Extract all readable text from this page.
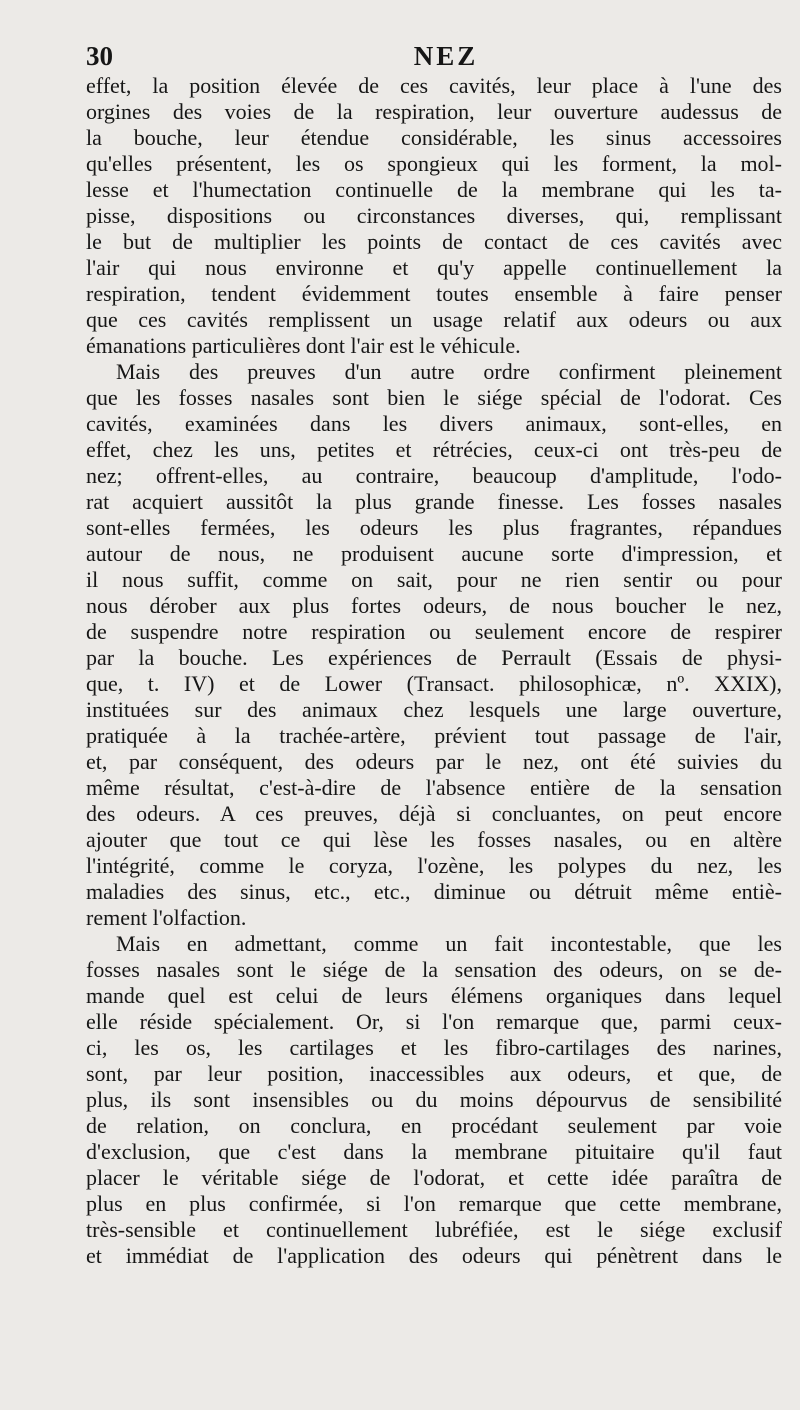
30	NEZ
effet, la position élevée de ces cavités, leur place à l'une des
orgines des voies de la respiration, leur ouverture audessus de
la bouche, leur étendue considérable, les sinus accessoires
qu'elles présentent, les os spongieux qui les forment, la mol-
lesse et l'humectation continuelle de la membrane qui les ta-
pisse, dispositions ou circonstances diverses, qui, remplissant
le but de multiplier les points de contact de ces cavités avec
l'air qui nous environne et qu'y appelle continuellement la
respiration, tendent évidemment toutes ensemble à faire penser
que ces cavités remplissent un usage relatif aux odeurs ou aux
émanations particulières dont l'air est le véhicule.
Mais des preuves d'un autre ordre confirment pleinement
que les fosses nasales sont bien le siége spécial de l'odorat. Ces
cavités, examinées dans les divers animaux, sont-elles, en
effet, chez les uns, petites et rétrécies, ceux-ci ont très-peu de
nez; offrent-elles, au contraire, beaucoup d'amplitude, l'odo-
rat acquiert aussitôt la plus grande finesse. Les fosses nasales
sont-elles fermées, les odeurs les plus fragrantes, répandues
autour de nous, ne produisent aucune sorte d'impression, et
il nous suffit, comme on sait, pour ne rien sentir ou pour
nous dérober aux plus fortes odeurs, de nous boucher le nez,
de suspendre notre respiration ou seulement encore de respirer
par la bouche. Les expériences de Perrault (Essais de physi-
que, t. IV) et de Lower (Transact. philosophicæ, nº. XXIX),
instituées sur des animaux chez lesquels une large ouverture,
pratiquée à la trachée-artère, prévient tout passage de l'air,
et, par conséquent, des odeurs par le nez, ont été suivies du
même résultat, c'est-à-dire de l'absence entière de la sensation
des odeurs. A ces preuves, déjà si concluantes, on peut encore
ajouter que tout ce qui lèse les fosses nasales, ou en altère
l'intégrité, comme le coryza, l'ozène, les polypes du nez, les
maladies des sinus, etc., etc., diminue ou détruit même entiè-
rement l'olfaction.
Mais en admettant, comme un fait incontestable, que les
fosses nasales sont le siége de la sensation des odeurs, on se de-
mande quel est celui de leurs élémens organiques dans lequel
elle réside spécialement. Or, si l'on remarque que, parmi ceux-
ci, les os, les cartilages et les fibro-cartilages des narines,
sont, par leur position, inaccessibles aux odeurs, et que, de
plus, ils sont insensibles ou du moins dépourvus de sensibilité
de relation, on conclura, en procédant seulement par voie
d'exclusion, que c'est dans la membrane pituitaire qu'il faut
placer le véritable siége de l'odorat, et cette idée paraîtra de
plus en plus confirmée, si l'on remarque que cette membrane,
très-sensible et continuellement lubréfiée, est le siége exclusif
et immédiat de l'application des odeurs qui pénètrent dans le
